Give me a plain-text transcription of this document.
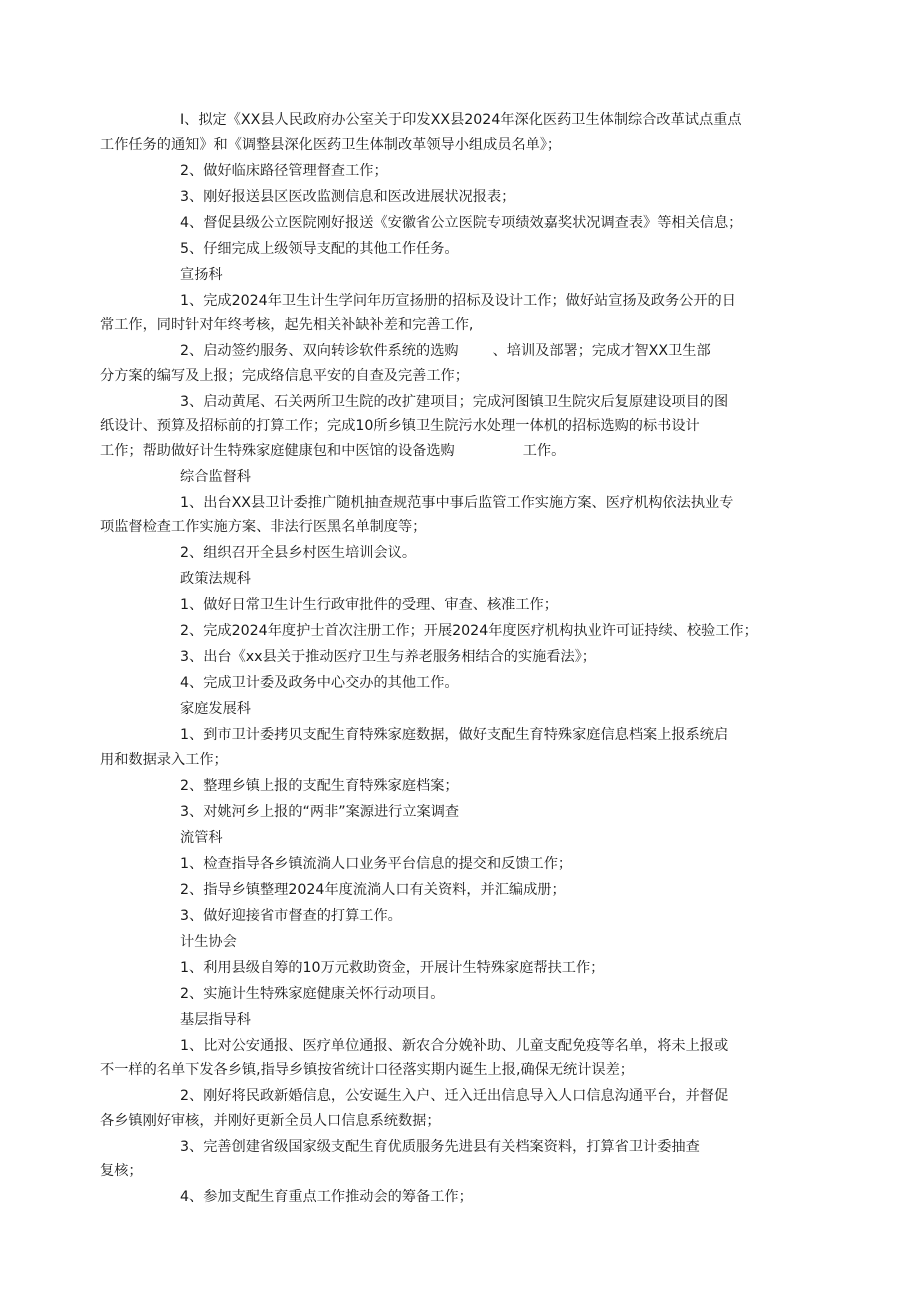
I、拟定《XX县人民政府办公室关于印发XX县2024年深化医药卫生体制综合改革试点重点
工作任务的通知》和《调整县深化医药卫生体制改革领导小组成员名单》；
2、做好临床路径管理督查工作；
3、刚好报送县区医改监测信息和医改进展状况报表；
4、督促县级公立医院刚好报送《安徽省公立医院专项绩效嘉奖状况调查表》等相关信息；
5、仔细完成上级领导支配的其他工作任务。
宣扬科
1、完成2024年卫生计生学问年历宣扬册的招标及设计工作；做好站宣扬及政务公开的日
常工作，同时针对年终考核，起先相关补缺补差和完善工作,
2、启动签约服务、双向转诊软件系统的选购 、培训及部署；完成才智XX卫生部
分方案的编写及上报；完成络信息平安的自查及完善工作；
3、启动黄尾、石关两所卫生院的改扩建项目；完成河图镇卫生院灾后复原建设项目的图
纸设计、预算及招标前的打算工作；完成10所乡镇卫生院污水处理一体机的招标选购的标书设计
工作；帮助做好计生特殊家庭健康包和中医馆的设备选购	工作。
综合监督科
1、出台XX县卫计委推广随机抽查规范事中事后监管工作实施方案、医疗机构依法执业专
项监督检查工作实施方案、非法行医黑名单制度等；
2、组织召开全县乡村医生培训会议。
政策法规科
1、做好日常卫生计生行政审批件的受理、审查、核准工作；
2、完成2024年度护士首次注册工作；开展2024年度医疗机构执业许可证持续、校验工作；
3、出台《xx县关于推动医疗卫生与养老服务相结合的实施看法》；
4、完成卫计委及政务中心交办的其他工作。
家庭发展科
1、到市卫计委拷贝支配生育特殊家庭数据，做好支配生育特殊家庭信息档案上报系统启
用和数据录入工作；
2、整理乡镇上报的支配生育特殊家庭档案；
3、对姚河乡上报的“两非”案源进行立案调查
流管科
1、检查指导各乡镇流淌人口业务平台信息的提交和反馈工作；
2、指导乡镇整理2024年度流淌人口有关资料，并汇编成册；
3、做好迎接省市督查的打算工作。
计生协会
1、利用县级自筹的10万元救助资金，开展计生特殊家庭帮扶工作；
2、实施计生特殊家庭健康关怀行动项目。
基层指导科
1、比对公安通报、医疗单位通报、新农合分娩补助、儿童支配免疫等名单，将未上报或
不一样的名单下发各乡镇,指导乡镇按省统计口径落实期内诞生上报,确保无统计误差；
2、刚好将民政新婚信息，公安诞生入户、迁入迁出信息导入人口信息沟通平台，并督促
各乡镇刚好审核，并刚好更新全员人口信息系统数据；
3、完善创建省级国家级支配生育优质服务先进县有关档案资料，打算省卫计委抽查
复核；
4、参加支配生育重点工作推动会的筹备工作；
